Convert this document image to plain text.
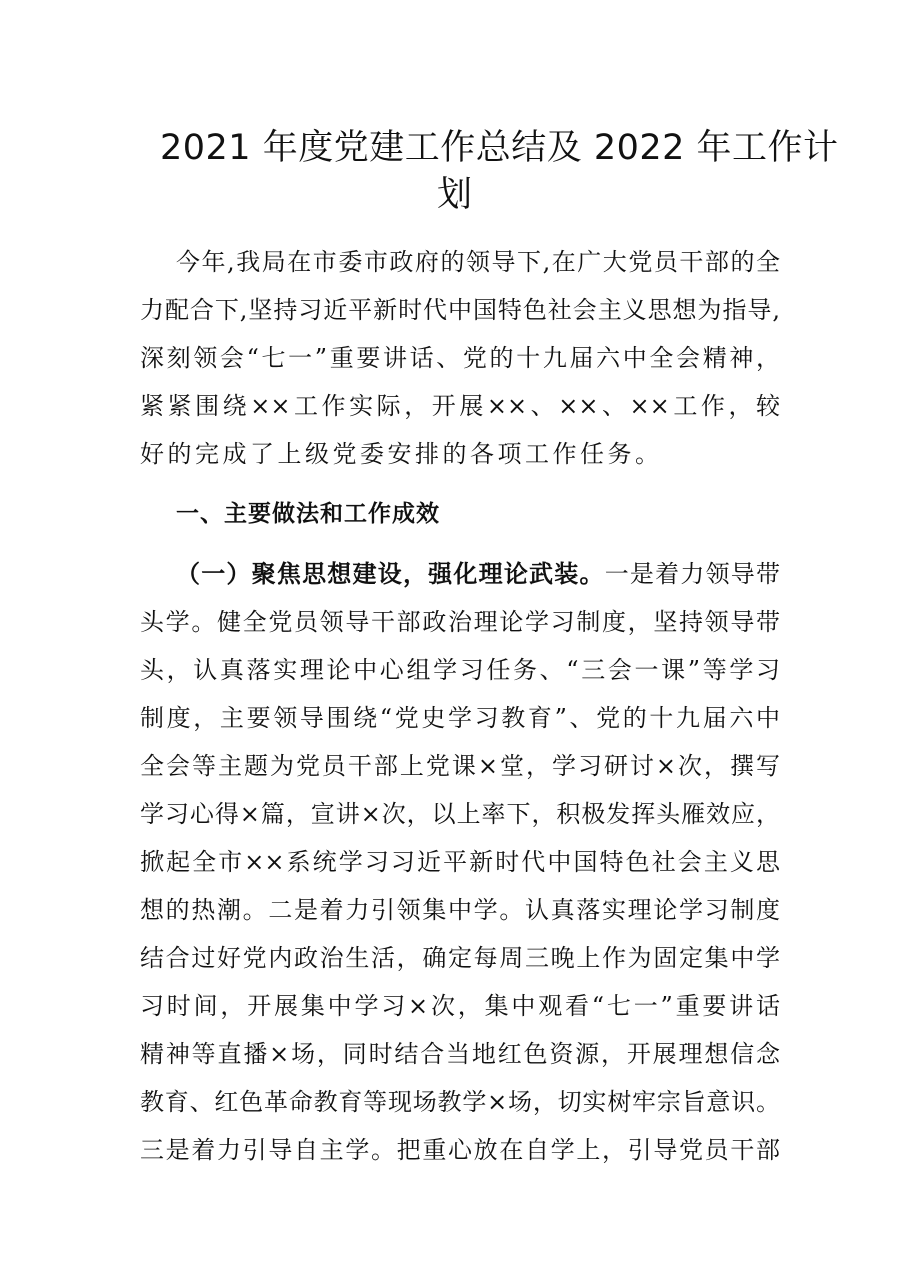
2021 年度党建工作总结及 2022 年工作计
划
今年,我局在市委市政府的领导下,在广大党员干部的全
力配合下,坚持习近平新时代中国特色社会主义思想为指导,
深刻领会“七一”重要讲话、党的十九届六中全会精神，
紧紧围绕××工作实际，开展××、××、××工作，较
好的完成了上级党委安排的各项工作任务。
一、主要做法和工作成效
（一）聚焦思想建设，强化理论武装。一是着力领导带
头学。健全党员领导干部政治理论学习制度，坚持领导带
头，认真落实理论中心组学习任务、“三会一课”等学习
制度，主要领导围绕“党史学习教育”、党的十九届六中
全会等主题为党员干部上党课×堂，学习研讨×次，撰写
学习心得×篇，宣讲×次，以上率下，积极发挥头雁效应，
掀起全市××系统学习习近平新时代中国特色社会主义思
想的热潮。二是着力引领集中学。认真落实理论学习制度
结合过好党内政治生活，确定每周三晚上作为固定集中学
习时间，开展集中学习×次，集中观看“七一”重要讲话
精神等直播×场，同时结合当地红色资源，开展理想信念
教育、红色革命教育等现场教学×场，切实树牢宗旨意识。
三是着力引导自主学。把重心放在自学上，引导党员干部
